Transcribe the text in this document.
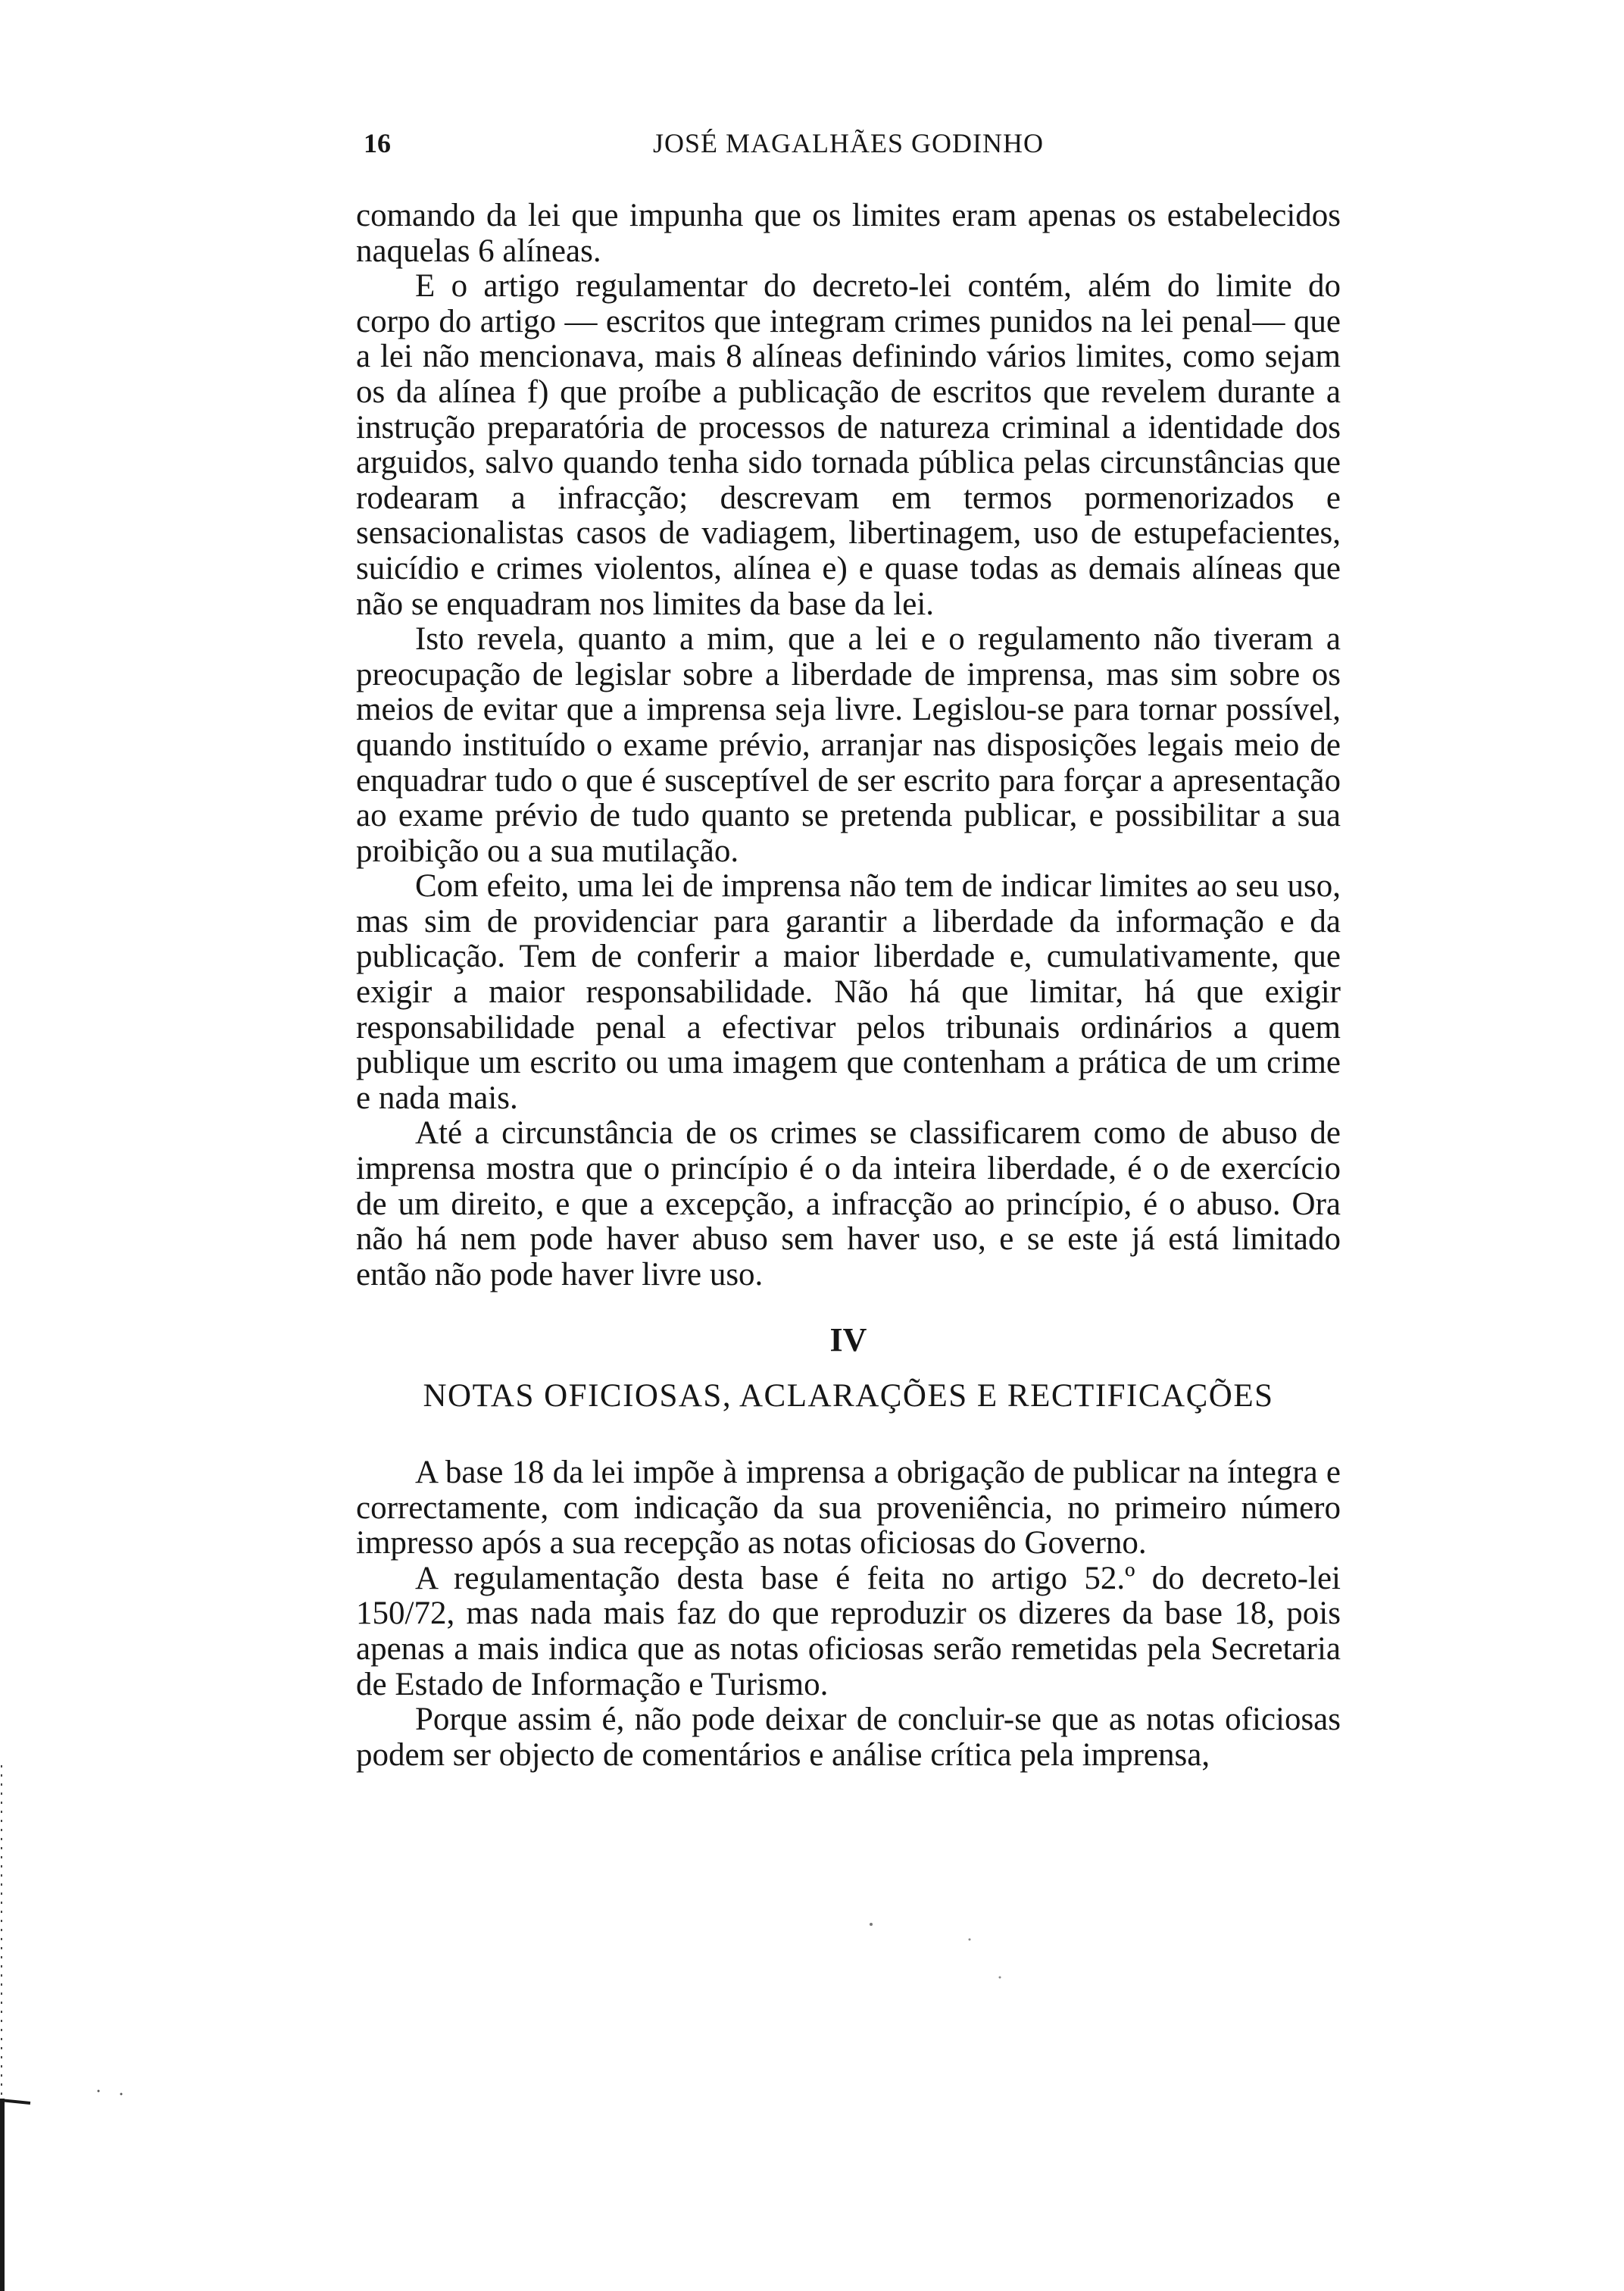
16	JOSÉ MAGALHÃES GODINHO

comando da lei que impunha que os limites eram apenas os estabelecidos naquelas 6 alíneas.

E o artigo regulamentar do decreto-lei contém, além do limite do corpo do artigo — escritos que integram crimes punidos na lei penal— que a lei não mencionava, mais 8 alíneas definindo vários limites, como sejam os da alínea f) que proíbe a publicação de escritos que revelem durante a instrução preparatória de processos de natureza criminal a identidade dos arguidos, salvo quando tenha sido tornada pública pelas circunstâncias que rodearam a infracção; descrevam em termos pormenorizados e sensacionalistas casos de vadiagem, libertinagem, uso de estupefacientes, suicídio e crimes violentos, alínea e) e quase todas as demais alíneas que não se enquadram nos limites da base da lei.

Isto revela, quanto a mim, que a lei e o regulamento não tiveram a preocupação de legislar sobre a liberdade de imprensa, mas sim sobre os meios de evitar que a imprensa seja livre. Legislou-se para tornar possível, quando instituído o exame prévio, arranjar nas disposições legais meio de enquadrar tudo o que é susceptível de ser escrito para forçar a apresentação ao exame prévio de tudo quanto se pretenda publicar, e possibilitar a sua proibição ou a sua mutilação.

Com efeito, uma lei de imprensa não tem de indicar limites ao seu uso, mas sim de providenciar para garantir a liberdade da informação e da publicação. Tem de conferir a maior liberdade e, cumulativamente, que exigir a maior responsabilidade. Não há que limitar, há que exigir responsabilidade penal a efectivar pelos tribunais ordinários a quem publique um escrito ou uma imagem que contenham a prática de um crime e nada mais.

Até a circunstância de os crimes se classificarem como de abuso de imprensa mostra que o princípio é o da inteira liberdade, é o de exercício de um direito, e que a excepção, a infracção ao princípio, é o abuso. Ora não há nem pode haver abuso sem haver uso, e se este já está limitado então não pode haver livre uso.

IV
NOTAS OFICIOSAS, ACLARAÇÕES E RECTIFICAÇÕES

A base 18 da lei impõe à imprensa a obrigação de publicar na íntegra e correctamente, com indicação da sua proveniência, no primeiro número impresso após a sua recepção as notas oficiosas do Governo.

A regulamentação desta base é feita no artigo 52.º do decreto-lei 150/72, mas nada mais faz do que reproduzir os dizeres da base 18, pois apenas a mais indica que as notas oficiosas serão remetidas pela Secretaria de Estado de Informação e Turismo.

Porque assim é, não pode deixar de concluir-se que as notas oficiosas podem ser objecto de comentários e análise crítica pela imprensa,
